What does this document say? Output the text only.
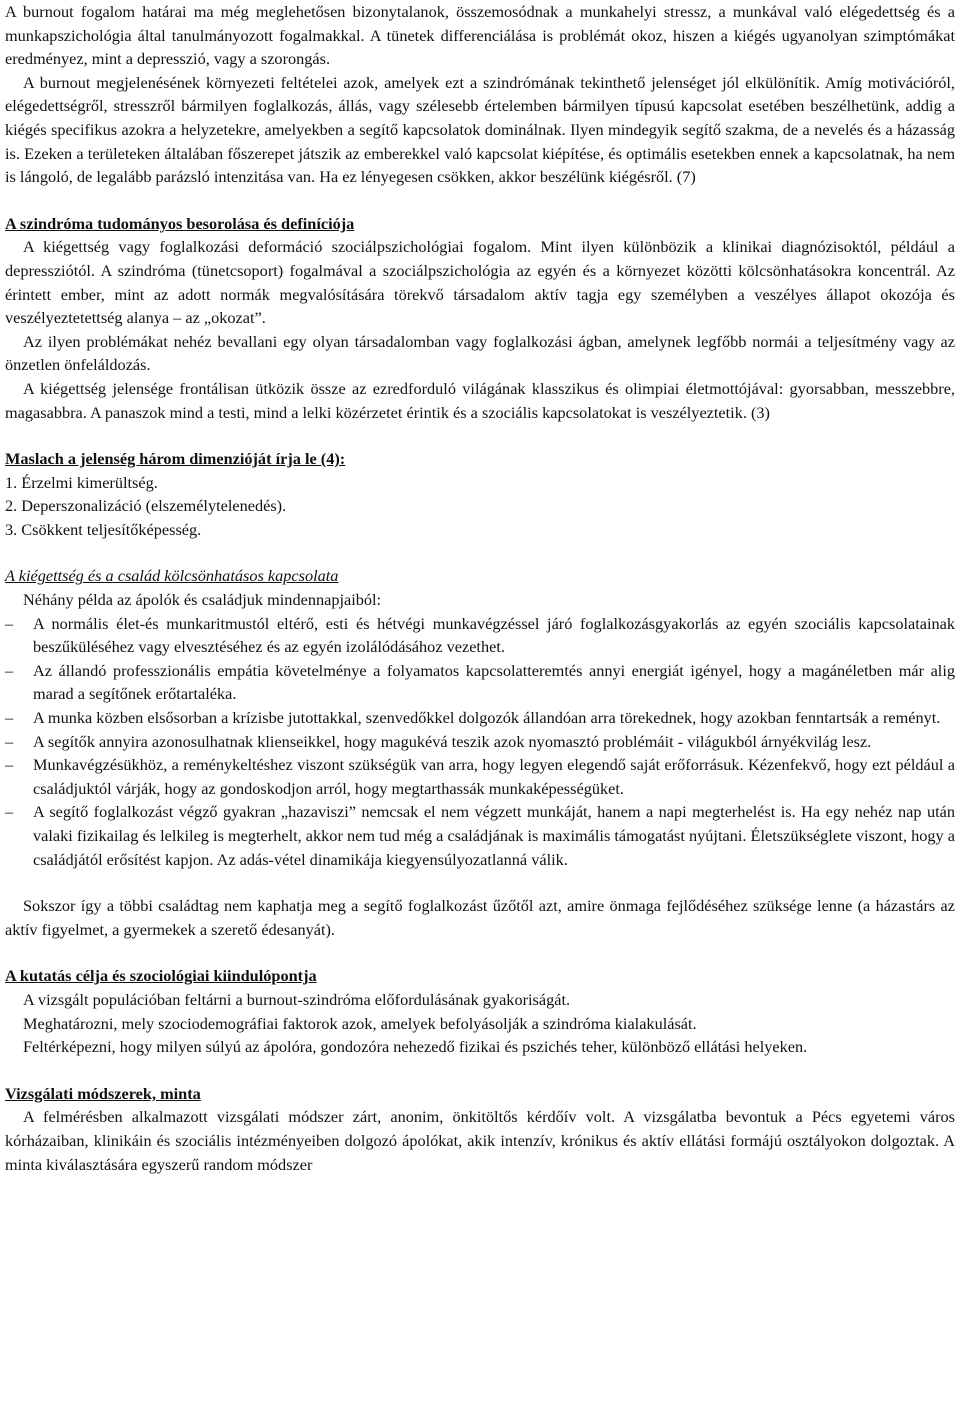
A burnout fogalom határai ma még meglehetősen bizonytalanok, összemosódnak a munkahelyi stressz, a munkával való elégedettség és a munkapszichológia által tanulmányozott fogalmakkal. A tünetek differenciálása is problémát okoz, hiszen a kiégés ugyanolyan szimptómákat eredményez, mint a depresszió, vagy a szorongás.

A burnout megjelenésének környezeti feltételei azok, amelyek ezt a szindrómának tekinthető jelenséget jól elkülönítik. Amíg motivációról, elégedettségről, stresszről bármilyen foglalkozás, állás, vagy szélesebb értelemben bármilyen típusú kapcsolat esetében beszélhetünk, addig a kiégés specifikus azokra a helyzetekre, amelyekben a segítő kapcsolatok dominálnak. Ilyen mindegyik segítő szakma, de a nevelés és a házasság is. Ezeken a területeken általában főszerepet játszik az emberekkel való kapcsolat kiépítése, és optimális esetekben ennek a kapcsolatnak, ha nem is lángoló, de legalább parázsló intenzitása van. Ha ez lényegesen csökken, akkor beszélünk kiégésről. (7)

A szindróma tudományos besorolása és definíciója

A kiégettség vagy foglalkozási deformáció szociálpszichológiai fogalom. Mint ilyen különbözik a klinikai diagnózisoktól, például a depressziótól. A szindróma (tünetcsoport) fogalmával a szociálpszichológia az egyén és a környezet közötti kölcsönhatásokra koncentrál. Az érintett ember, mint az adott normák megvalósítására törekvő társadalom aktív tagja egy személyben a veszélyes állapot okozója és veszélyeztetettség alanya – az „okozat”.

Az ilyen problémákat nehéz bevallani egy olyan társadalomban vagy foglalkozási ágban, amelynek legfőbb normái a teljesítmény vagy az önzetlen önfeláldozás.

A kiégettség jelensége frontálisan ütközik össze az ezredforduló világának klasszikus és olimpiai életmottójával: gyorsabban, messzebbre, magasabbra. A panaszok mind a testi, mind a lelki közérzetet érintik és a szociális kapcsolatokat is veszélyeztetik. (3)

Maslach a jelenség három dimenzióját írja le (4):

1. Érzelmi kimerültség.
2. Deperszonalizáció (elszemélytelenedés).
3. Csökkent teljesítőképesség.

A kiégettség és a család kölcsönhatásos kapcsolata

Néhány példa az ápolók és családjuk mindennapjaiból:

– A normális élet-és munkaritmustól eltérő, esti és hétvégi munkavégzéssel járó foglalkozásgyakorlás az egyén szociális kapcsolatainak beszűküléséhez vagy elvesztéséhez és az egyén izolálódásához vezethet.
– Az állandó professzionális empátia követelménye a folyamatos kapcsolatteremtés annyi energiát igényel, hogy a magánéletben már alig marad a segítőnek erőtartaléka.
– A munka közben elsősorban a krízisbe jutottakkal, szenvedőkkel dolgozók állandóan arra törekednek, hogy azokban fenntartsák a reményt.
– A segítők annyira azonosulhatnak klienseikkel, hogy magukévá teszik azok nyomasztó problémáit - világukból árnyékvilág lesz.
– Munkavégzésükhöz, a reménykeltéshez viszont szükségük van arra, hogy legyen elegendő saját erőforrásuk. Kézenfekvő, hogy ezt például a családjuktól várják, hogy az gondoskodjon arról, hogy megtarthassák munkaképességüket.
– A segítő foglalkozást végző gyakran „hazaviszi” nemcsak el nem végzett munkáját, hanem a napi megterhelést is. Ha egy nehéz nap után valaki fizikailag és lelkileg is megterhelt, akkor nem tud még a családjának is maximális támogatást nyújtani. Életszükséglete viszont, hogy a családjától erősítést kapjon. Az adás-vétel dinamikája kiegyensúlyozatlanná válik.

Sokszor így a többi családtag nem kaphatja meg a segítő foglalkozást űzőtől azt, amire önmaga fejlődéséhez szüksége lenne (a házastárs az aktív figyelmet, a gyermekek a szerető édesanyát).

A kutatás célja és szociológiai kiindulópontja

A vizsgált populációban feltárni a burnout-szindróma előfordulásának gyakoriságát.

Meghatározni, mely szociodemográfiai faktorok azok, amelyek befolyásolják a szindróma kialakulását.

Feltérképezni, hogy milyen súlyú az ápolóra, gondozóra nehezedő fizikai és pszichés teher, különböző ellátási helyeken.

Vizsgálati módszerek, minta

A felmérésben alkalmazott vizsgálati módszer zárt, anonim, önkitöltős kérdőív volt. A vizsgálatba bevontuk a Pécs egyetemi város kórházaiban, klinikáin és szociális intézményeiben dolgozó ápolókat, akik intenzív, krónikus és aktív ellátási formájú osztályokon dolgoztak. A minta kiválasztására egyszerű random módszer
